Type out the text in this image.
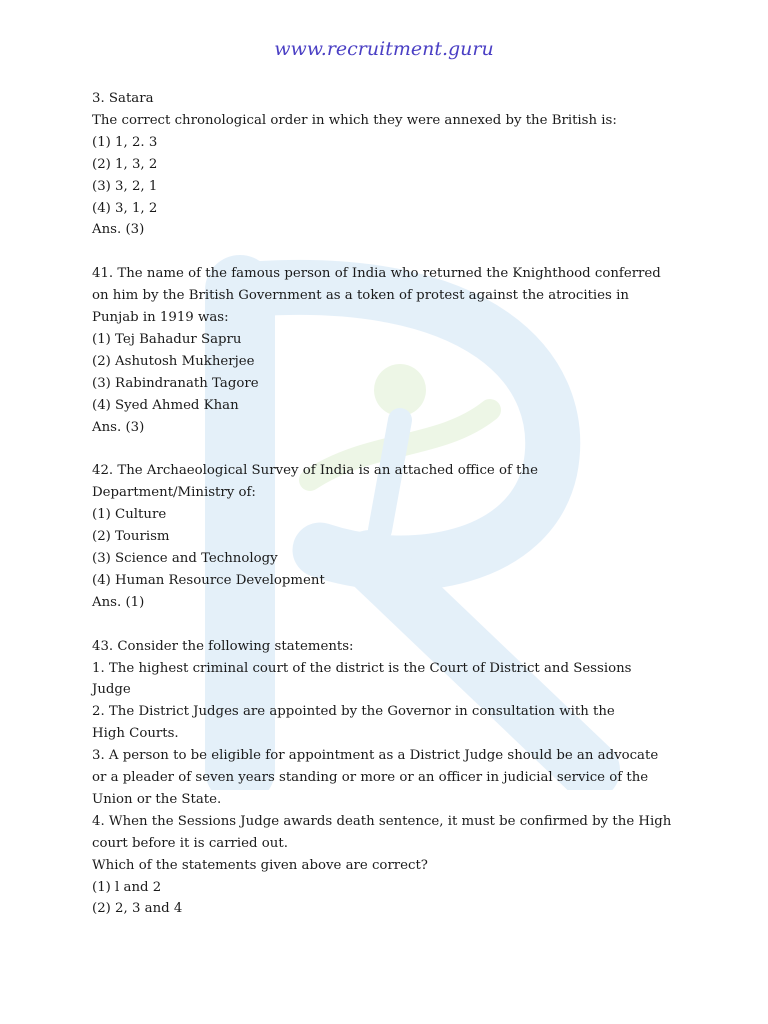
www.recruitment.guru
3. Satara
The correct chronological order in which they were annexed by the British is:
(1) 1, 2. 3
(2) 1, 3, 2
(3) 3, 2, 1
(4) 3, 1, 2
Ans. (3)
41. The name of the famous person of India who returned the Knighthood conferred
on him by the British Government as a token of protest against the atrocities in
Punjab in 1919 was:
(1) Tej Bahadur Sapru
(2) Ashutosh Mukherjee
(3) Rabindranath Tagore
(4) Syed Ahmed Khan
Ans. (3)
42. The Archaeological Survey of India is an attached office of the
Department/Ministry of:
(1) Culture
(2) Tourism
(3) Science and Technology
(4) Human Resource Development
Ans. (1)
43. Consider the following statements:
1. The highest criminal court of the district is the Court of District and Sessions
Judge
2. The District Judges are appointed by the Governor in consultation with the
High Courts.
3. A person to be eligible for appointment as a District Judge should be an advocate
or a pleader of seven years standing or more or an officer in judicial service of the
Union or the State.
4. When the Sessions Judge awards death sentence, it must be confirmed by the High
court before it is carried out.
Which of the statements given above are correct?
(1) l and 2
(2) 2, 3 and 4
